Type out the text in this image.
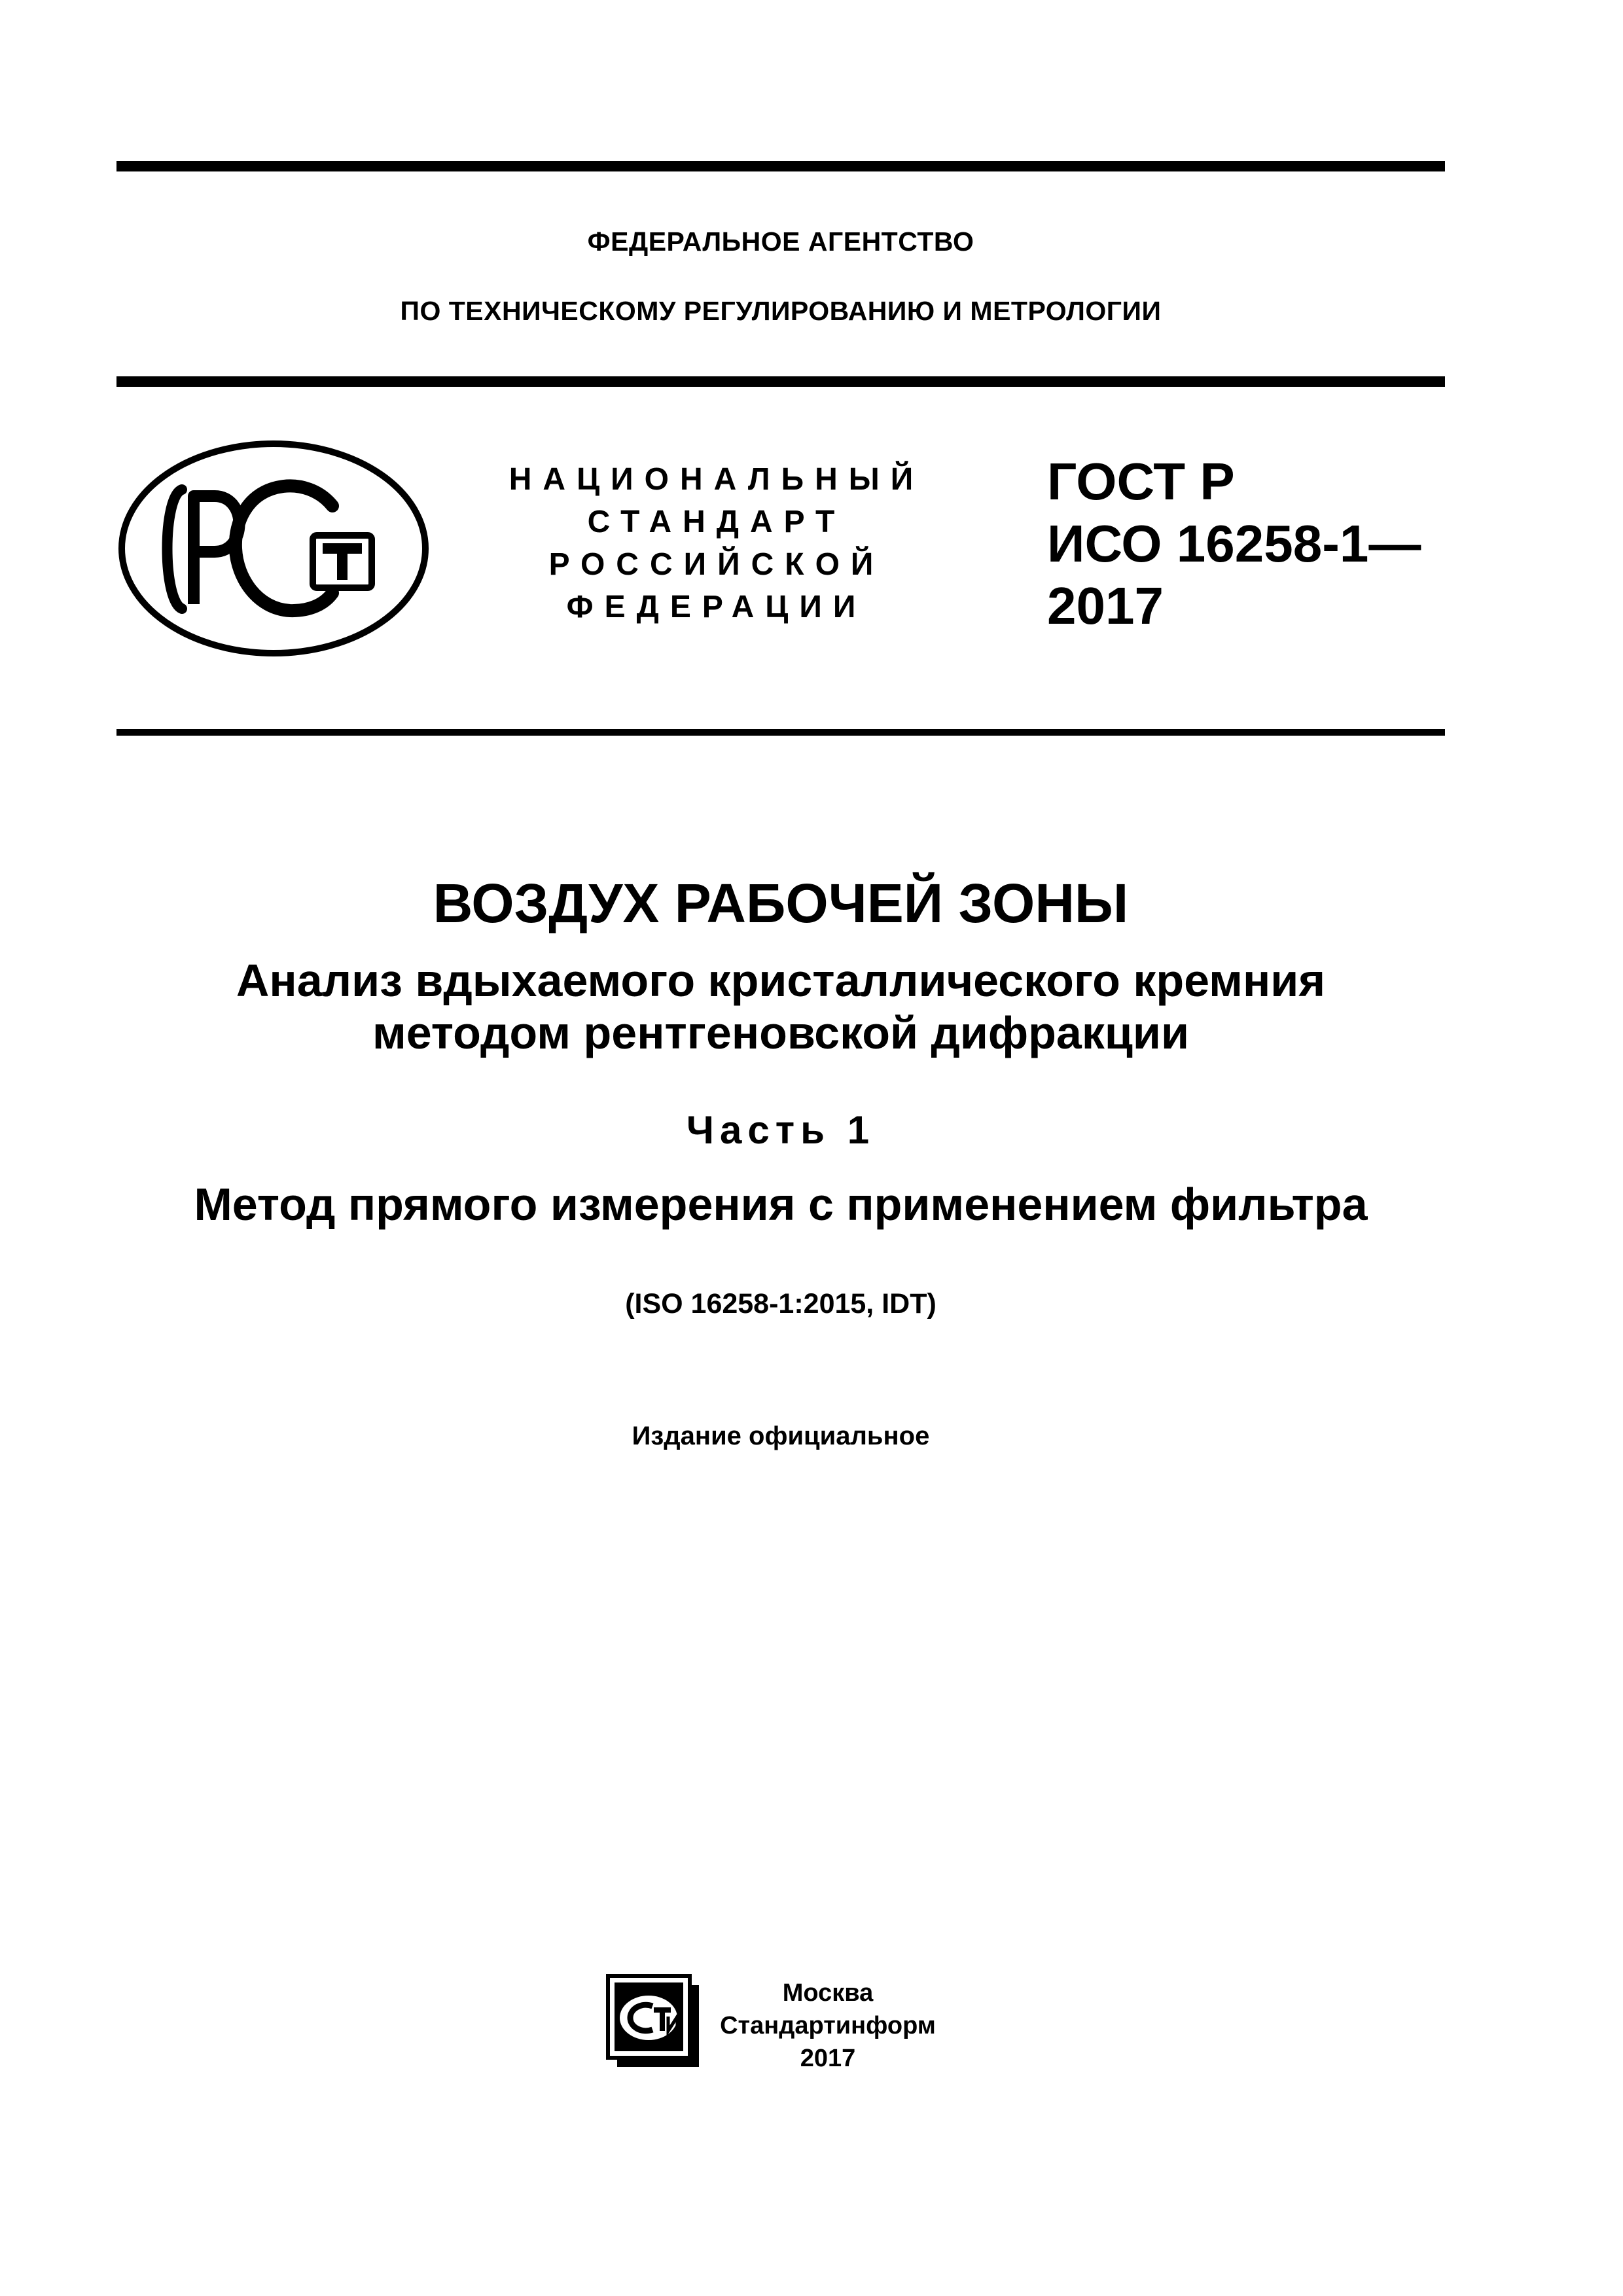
ФЕДЕРАЛЬНОЕ АГЕНТСТВО
ПО ТЕХНИЧЕСКОМУ РЕГУЛИРОВАНИЮ И МЕТРОЛОГИИ
НАЦИОНАЛЬНЫЙ
СТАНДАРТ
РОССИЙСКОЙ
ФЕДЕРАЦИИ
ГОСТ Р
ИСО 16258-1—
2017
ВОЗДУХ РАБОЧЕЙ ЗОНЫ
Анализ вдыхаемого кристаллического кремния
методом рентгеновской дифракции
Часть 1
Метод прямого измерения с применением фильтра
(ISO 16258-1:2015, IDT)
Издание официальное
Москва
Стандартинформ
2017
